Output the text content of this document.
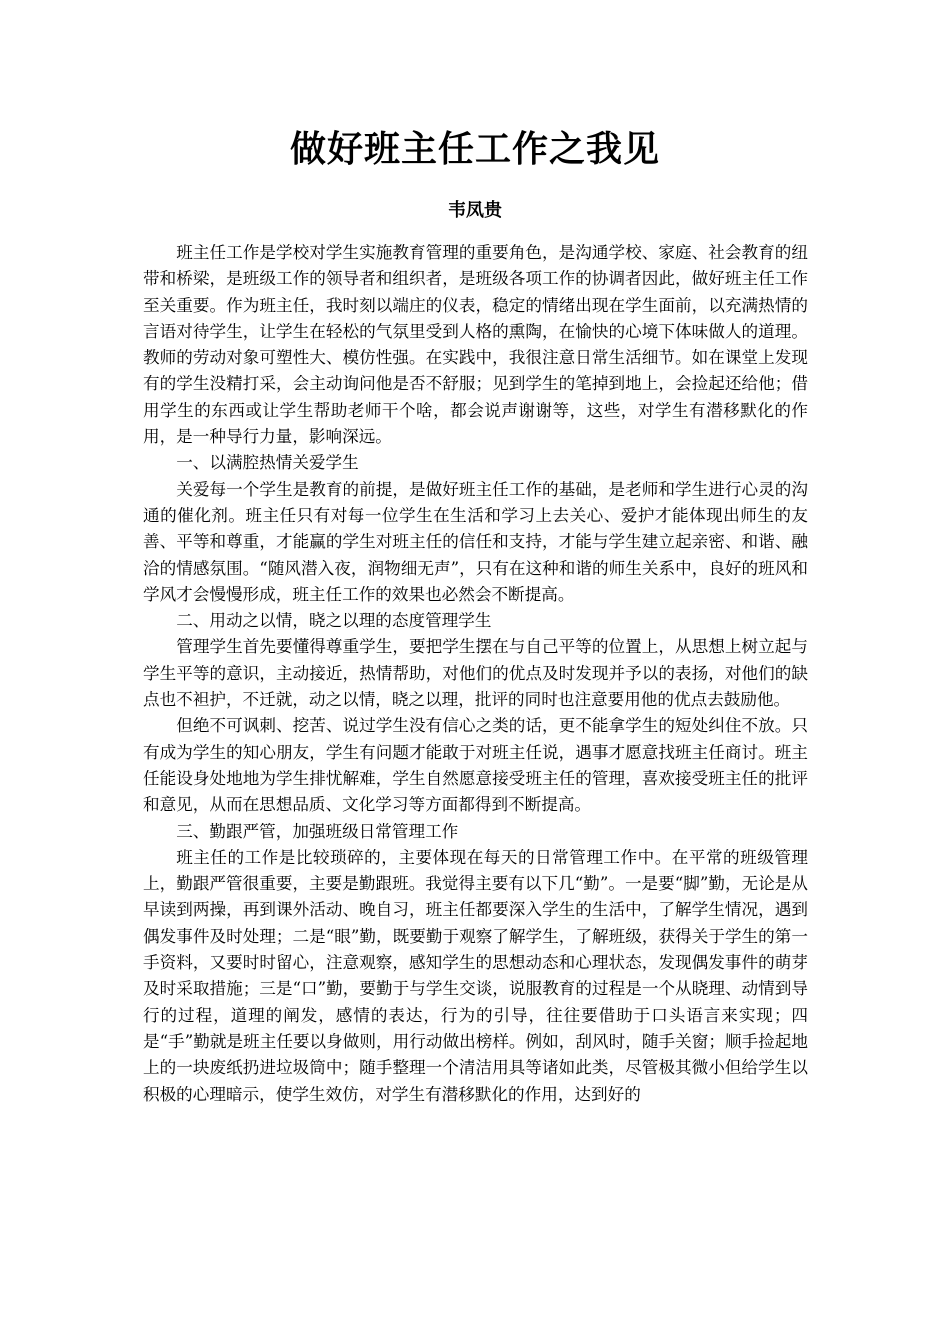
做好班主任工作之我见
韦凤贵

班主任工作是学校对学生实施教育管理的重要角色，是沟通学校、家庭、社会教育的纽带和桥梁，是班级工作的领导者和组织者，是班级各项工作的协调者因此，做好班主任工作至关重要。作为班主任，我时刻以端庄的仪表，稳定的情绪出现在学生面前，以充满热情的言语对待学生，让学生在轻松的气氛里受到人格的熏陶，在愉快的心境下体味做人的道理。教师的劳动对象可塑性大、模仿性强。在实践中，我很注意日常生活细节。如在课堂上发现有的学生没精打采，会主动询问他是否不舒服；见到学生的笔掉到地上，会捡起还给他；借用学生的东西或让学生帮助老师干个啥，都会说声谢谢等，这些，对学生有潜移默化的作用，是一种导行力量，影响深远。

一、以满腔热情关爱学生

关爱每一个学生是教育的前提，是做好班主任工作的基础，是老师和学生进行心灵的沟通的催化剂。班主任只有对每一位学生在生活和学习上去关心、爱护才能体现出师生的友善、平等和尊重，才能赢的学生对班主任的信任和支持，才能与学生建立起亲密、和谐、融洽的情感氛围。“随风潜入夜，润物细无声”，只有在这种和谐的师生关系中，良好的班风和学风才会慢慢形成，班主任工作的效果也必然会不断提高。

二、用动之以情，晓之以理的态度管理学生

管理学生首先要懂得尊重学生，要把学生摆在与自己平等的位置上，从思想上树立起与学生平等的意识，主动接近，热情帮助，对他们的优点及时发现并予以的表扬，对他们的缺点也不袒护，不迁就，动之以情，晓之以理，批评的同时也注意要用他的优点去鼓励他。

但绝不可讽刺、挖苦、说过学生没有信心之类的话，更不能拿学生的短处纠住不放。只有成为学生的知心朋友，学生有问题才能敢于对班主任说，遇事才愿意找班主任商讨。班主任能设身处地地为学生排忧解难，学生自然愿意接受班主任的管理，喜欢接受班主任的批评和意见，从而在思想品质、文化学习等方面都得到不断提高。

三、勤跟严管，加强班级日常管理工作

班主任的工作是比较琐碎的，主要体现在每天的日常管理工作中。在平常的班级管理上，勤跟严管很重要，主要是勤跟班。我觉得主要有以下几“勤”。一是要“脚”勤，无论是从早读到两操，再到课外活动、晚自习，班主任都要深入学生的生活中，了解学生情况，遇到偶发事件及时处理；二是“眼”勤，既要勤于观察了解学生，了解班级，获得关于学生的第一手资料，又要时时留心，注意观察，感知学生的思想动态和心理状态，发现偶发事件的萌芽及时采取措施；三是“口”勤，要勤于与学生交谈，说服教育的过程是一个从晓理、动情到导行的过程，道理的阐发，感情的表达，行为的引导，往往要借助于口头语言来实现；四是“手”勤就是班主任要以身做则，用行动做出榜样。例如，刮风时，随手关窗；顺手捡起地上的一块废纸扔进垃圾筒中；随手整理一个清洁用具等诸如此类，尽管极其微小但给学生以积极的心理暗示，使学生效仿，对学生有潜移默化的作用，达到好的
